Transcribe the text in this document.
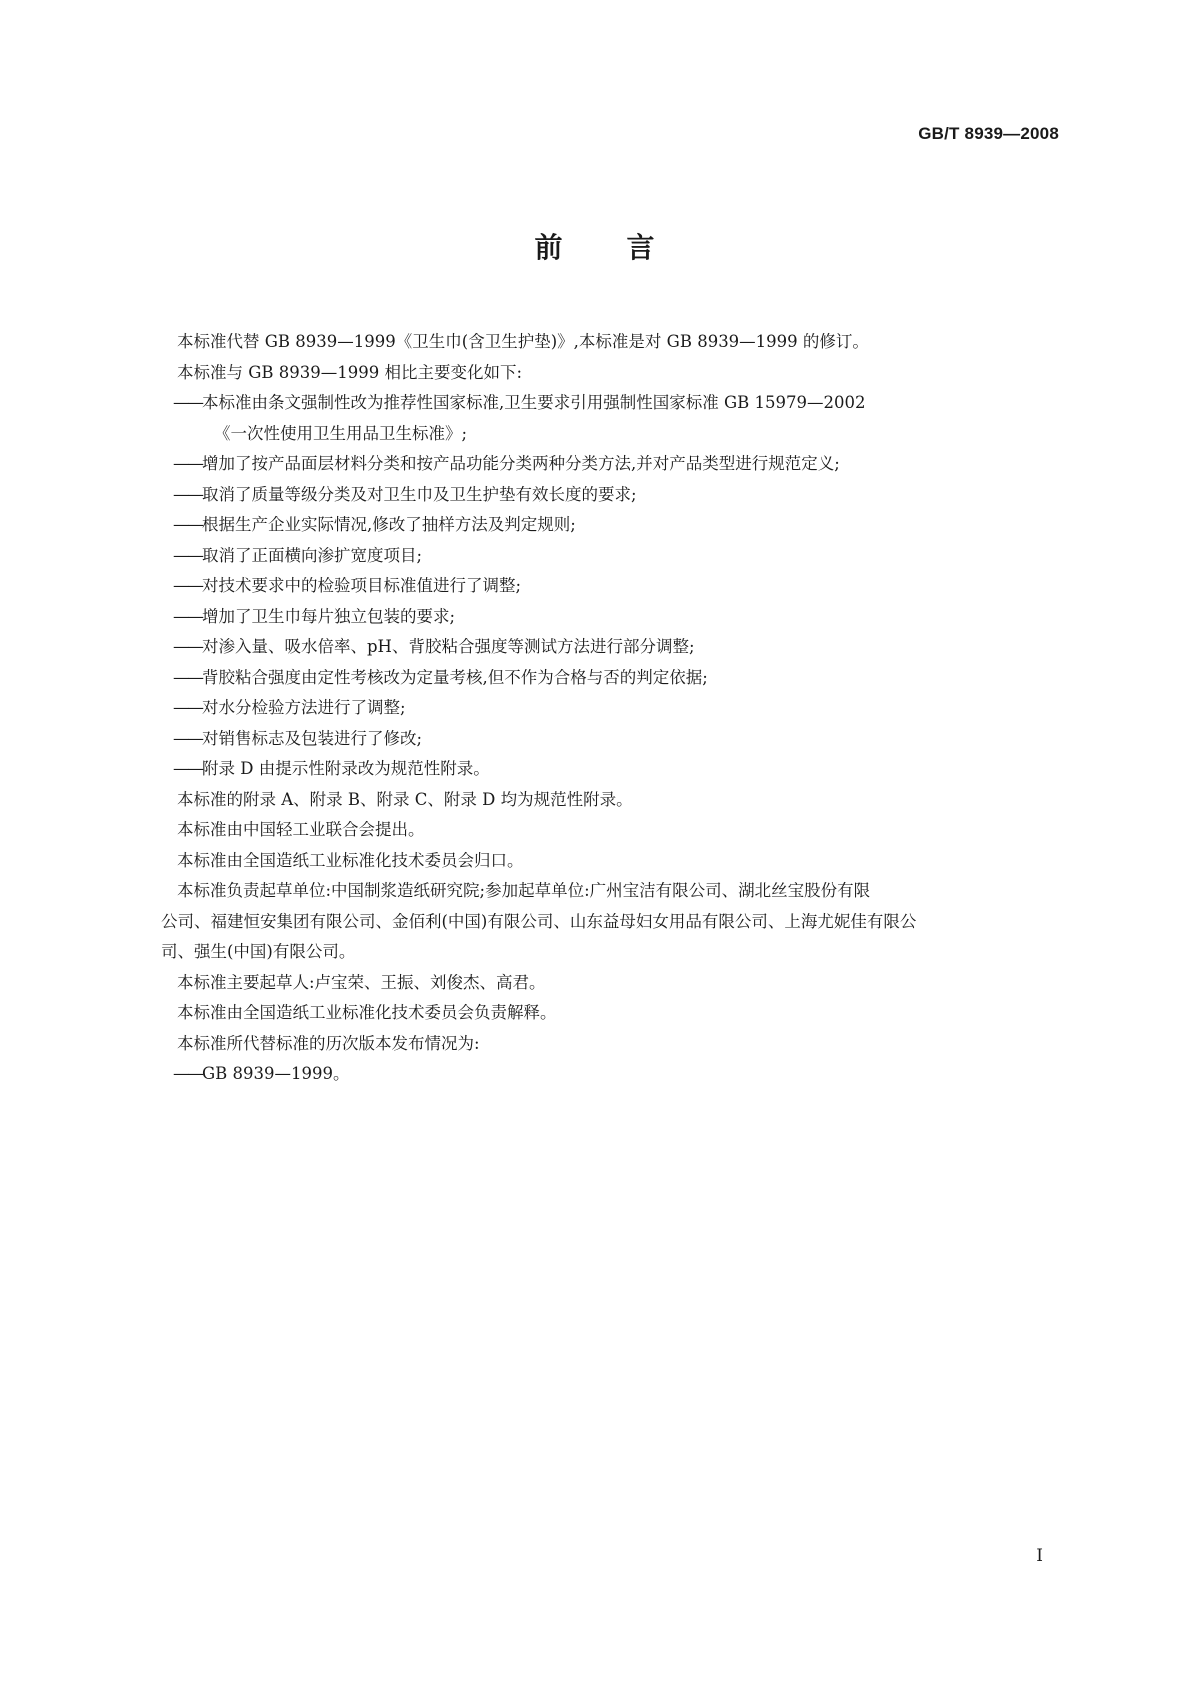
GB/T 8939—2008
前 言

本标准代替 GB 8939—1999《卫生巾(含卫生护垫)》,本标准是对 GB 8939—1999 的修订。

本标准与 GB 8939—1999 相比主要变化如下:

——本标准由条文强制性改为推荐性国家标准,卫生要求引用强制性国家标准 GB 15979—2002

《一次性使用卫生用品卫生标准》;

——增加了按产品面层材料分类和按产品功能分类两种分类方法,并对产品类型进行规范定义;

——取消了质量等级分类及对卫生巾及卫生护垫有效长度的要求;

——根据生产企业实际情况,修改了抽样方法及判定规则;

——取消了正面横向渗扩宽度项目;

——对技术要求中的检验项目标准值进行了调整;

——增加了卫生巾每片独立包装的要求;

——对渗入量、吸水倍率、pH、背胶粘合强度等测试方法进行部分调整;

——背胶粘合强度由定性考核改为定量考核,但不作为合格与否的判定依据;

——对水分检验方法进行了调整;

——对销售标志及包装进行了修改;

——附录 D 由提示性附录改为规范性附录。

本标准的附录 A、附录 B、附录 C、附录 D 均为规范性附录。

本标准由中国轻工业联合会提出。

本标准由全国造纸工业标准化技术委员会归口。

本标准负责起草单位:中国制浆造纸研究院;参加起草单位:广州宝洁有限公司、湖北丝宝股份有限

公司、福建恒安集团有限公司、金佰利(中国)有限公司、山东益母妇女用品有限公司、上海尤妮佳有限公

司、强生(中国)有限公司。

本标准主要起草人:卢宝荣、王振、刘俊杰、高君。

本标准由全国造纸工业标准化技术委员会负责解释。

本标准所代替标准的历次版本发布情况为:

——GB 8939—1999。

I
